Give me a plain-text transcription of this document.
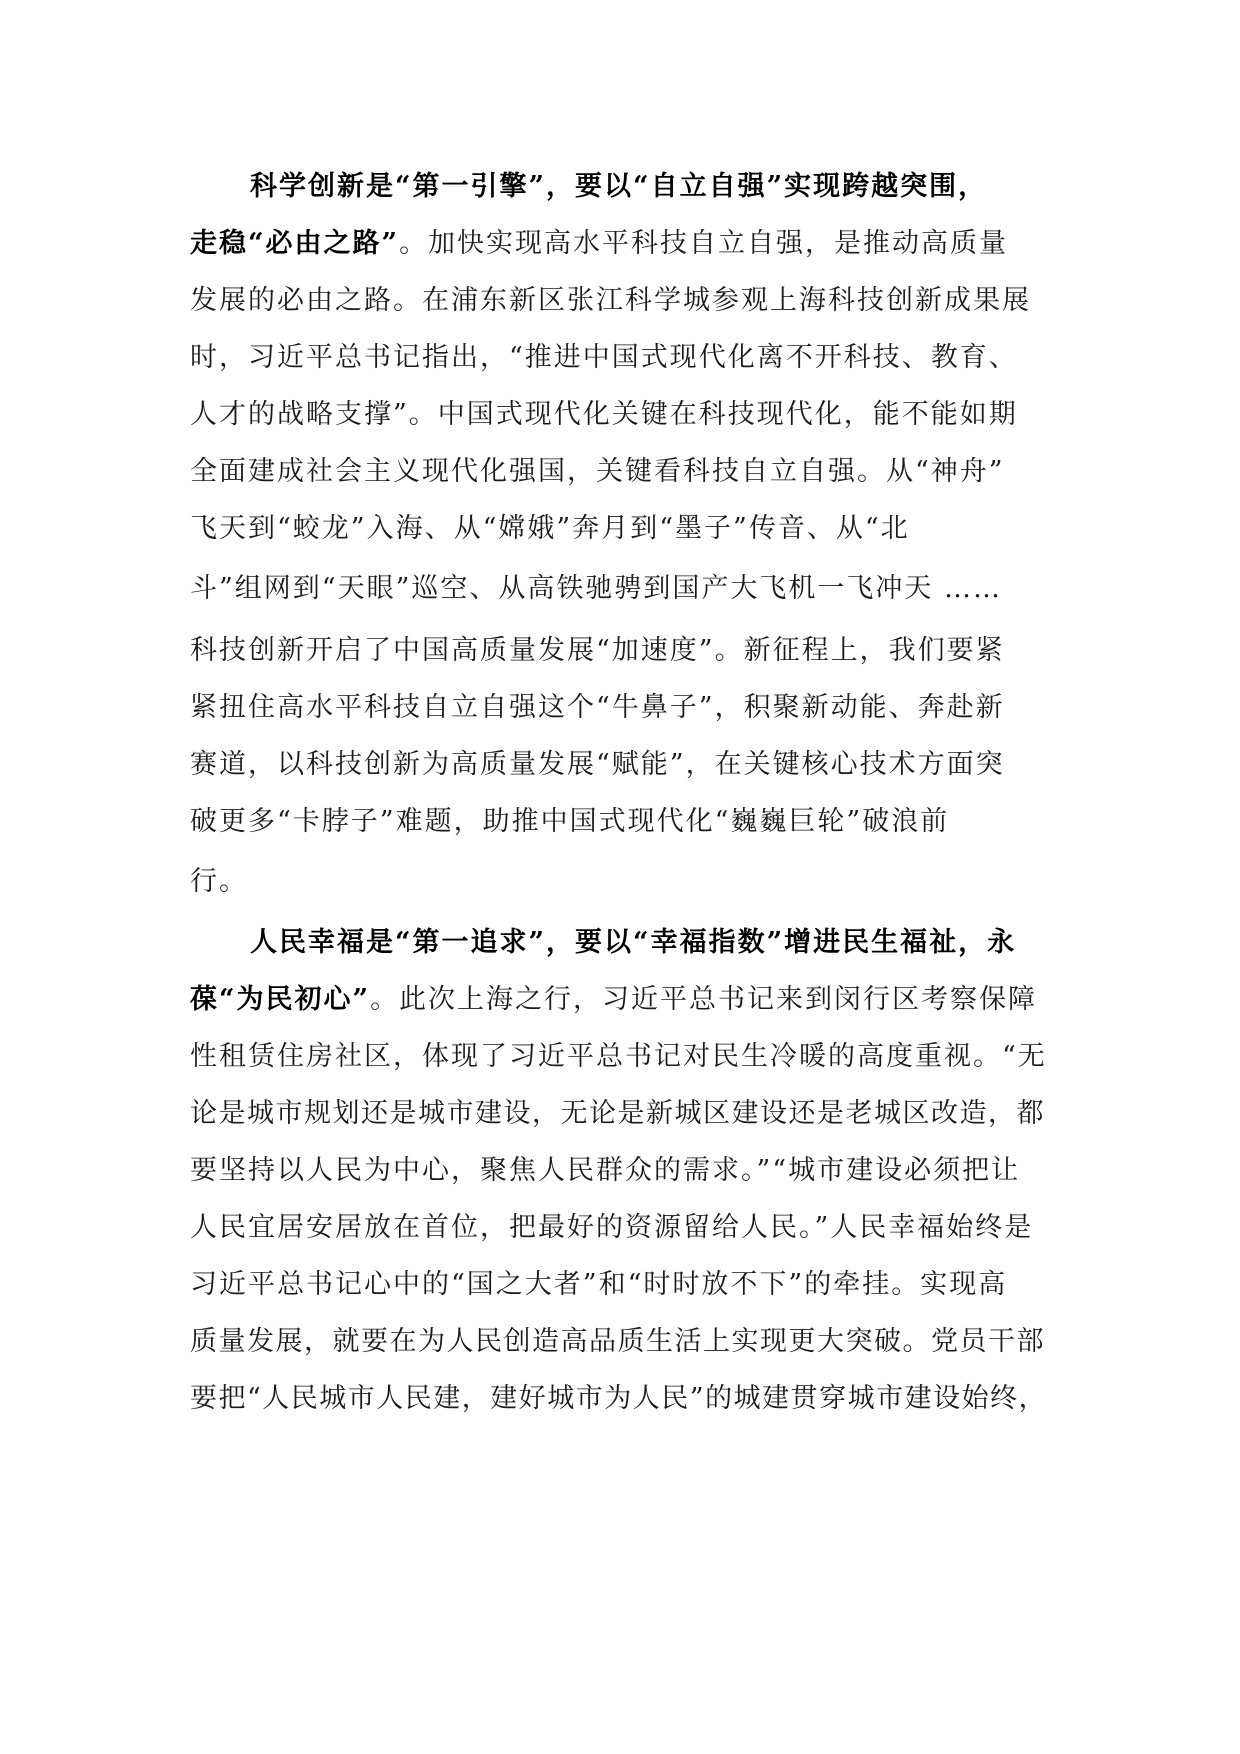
科学创新是“第一引擎”，要以“自立自强”实现跨越突围，
走稳“必由之路”。加快实现高水平科技自立自强，是推动高质量
发展的必由之路。在浦东新区张江科学城参观上海科技创新成果展
时，习近平总书记指出，“推进中国式现代化离不开科技、教育、
人才的战略支撑”。中国式现代化关键在科技现代化，能不能如期
全面建成社会主义现代化强国，关键看科技自立自强。从“神舟”
飞天到“蛟龙”入海、从“嫦娥”奔月到“墨子”传音、从“北
斗”组网到“天眼”巡空、从高铁驰骋到国产大飞机一飞冲天 ……
科技创新开启了中国高质量发展“加速度”。新征程上，我们要紧
紧扭住高水平科技自立自强这个“牛鼻子”，积聚新动能、奔赴新
赛道，以科技创新为高质量发展“赋能”，在关键核心技术方面突
破更多“卡脖子”难题，助推中国式现代化“巍巍巨轮”破浪前
行。
人民幸福是“第一追求”，要以“幸福指数”增进民生福祉，永
葆“为民初心”。此次上海之行，习近平总书记来到闵行区考察保障
性租赁住房社区，体现了习近平总书记对民生冷暖的高度重视。“无
论是城市规划还是城市建设，无论是新城区建设还是老城区改造，都
要坚持以人民为中心，聚焦人民群众的需求。”“城市建设必须把让
人民宜居安居放在首位，把最好的资源留给人民。”人民幸福始终是
习近平总书记心中的“国之大者”和“时时放不下”的牵挂。实现高
质量发展，就要在为人民创造高品质生活上实现更大突破。党员干部
要把“人民城市人民建，建好城市为人民”的城建贯穿城市建设始终，
